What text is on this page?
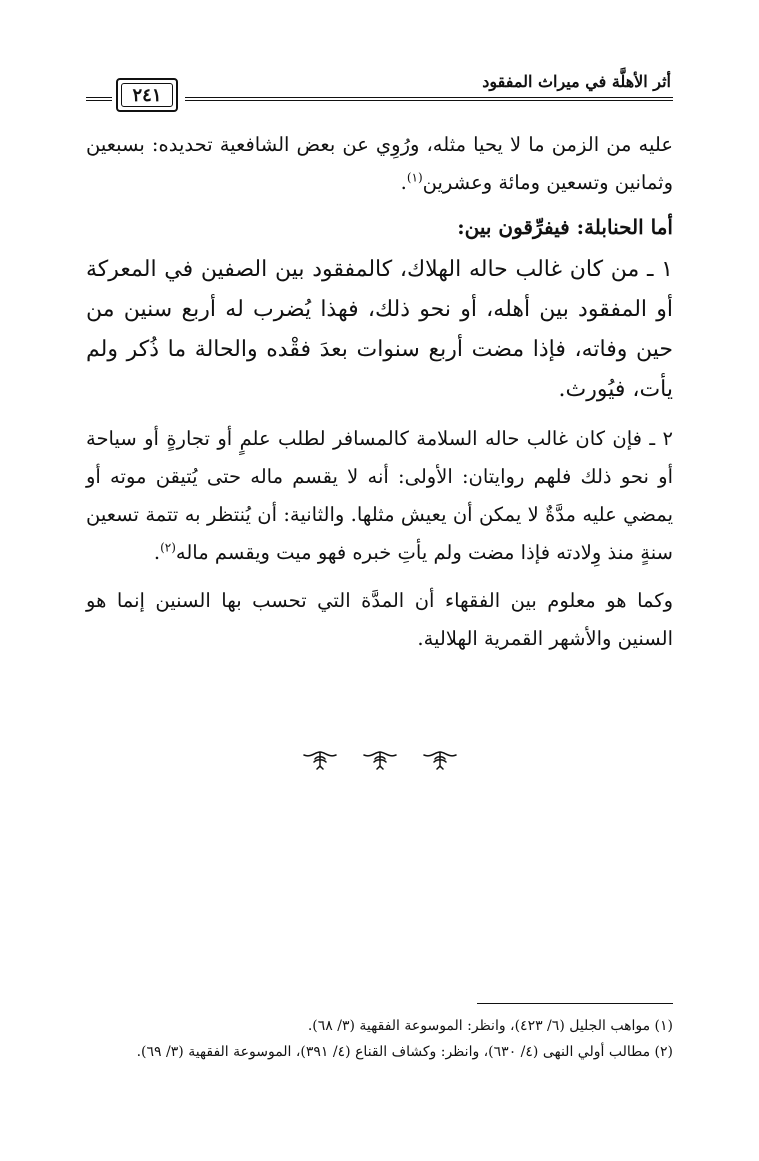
أثر الأهلَّة في ميراث المفقود
٢٤١

عليه من الزمن ما لا يحيا مثله، ورُوِي عن بعض الشافعية تحديده: بسبعين وثمانين وتسعين ومائة وعشرين$^{(١)}$.

أما الحنابلة: فيفرِّقون بين:

١ ـ من كان غالب حاله الهلاك، كالمفقود بين الصفين في المعركة أو المفقود بين أهله، أو نحو ذلك، فهذا يُضرب له أربع سنين من حين وفاته، فإذا مضت أربع سنوات بعدَ فقْده والحالة ما ذُكر ولم يأت، فيُورث.

٢ ـ فإن كان غالب حاله السلامة كالمسافر لطلب علمٍ أو تجارةٍ أو سياحة أو نحو ذلك فلهم روايتان: الأولى: أنه لا يقسم ماله حتى يُتيقن موته أو يمضي عليه مدَّةٌ لا يمكن أن يعيش مثلها. والثانية: أن يُنتظر به تتمة تسعين سنةٍ منذ وِلادته فإذا مضت ولم يأتِ خبره فهو ميت ويقسم ماله$^{(٢)}$.

وكما هو معلوم بين الفقهاء أن المدَّة التي تحسب بها السنين إنما هو السنين والأشهر القمرية الهلالية.

(١) مواهب الجليل (٦/ ٤٢٣)، وانظر: الموسوعة الفقهية (٣/ ٦٨).

(٢) مطالب أولي النهى (٤/ ٦٣٠)، وانظر: وكشاف القناع (٤/ ٣٩١)، الموسوعة الفقهية (٣/ ٦٩).
